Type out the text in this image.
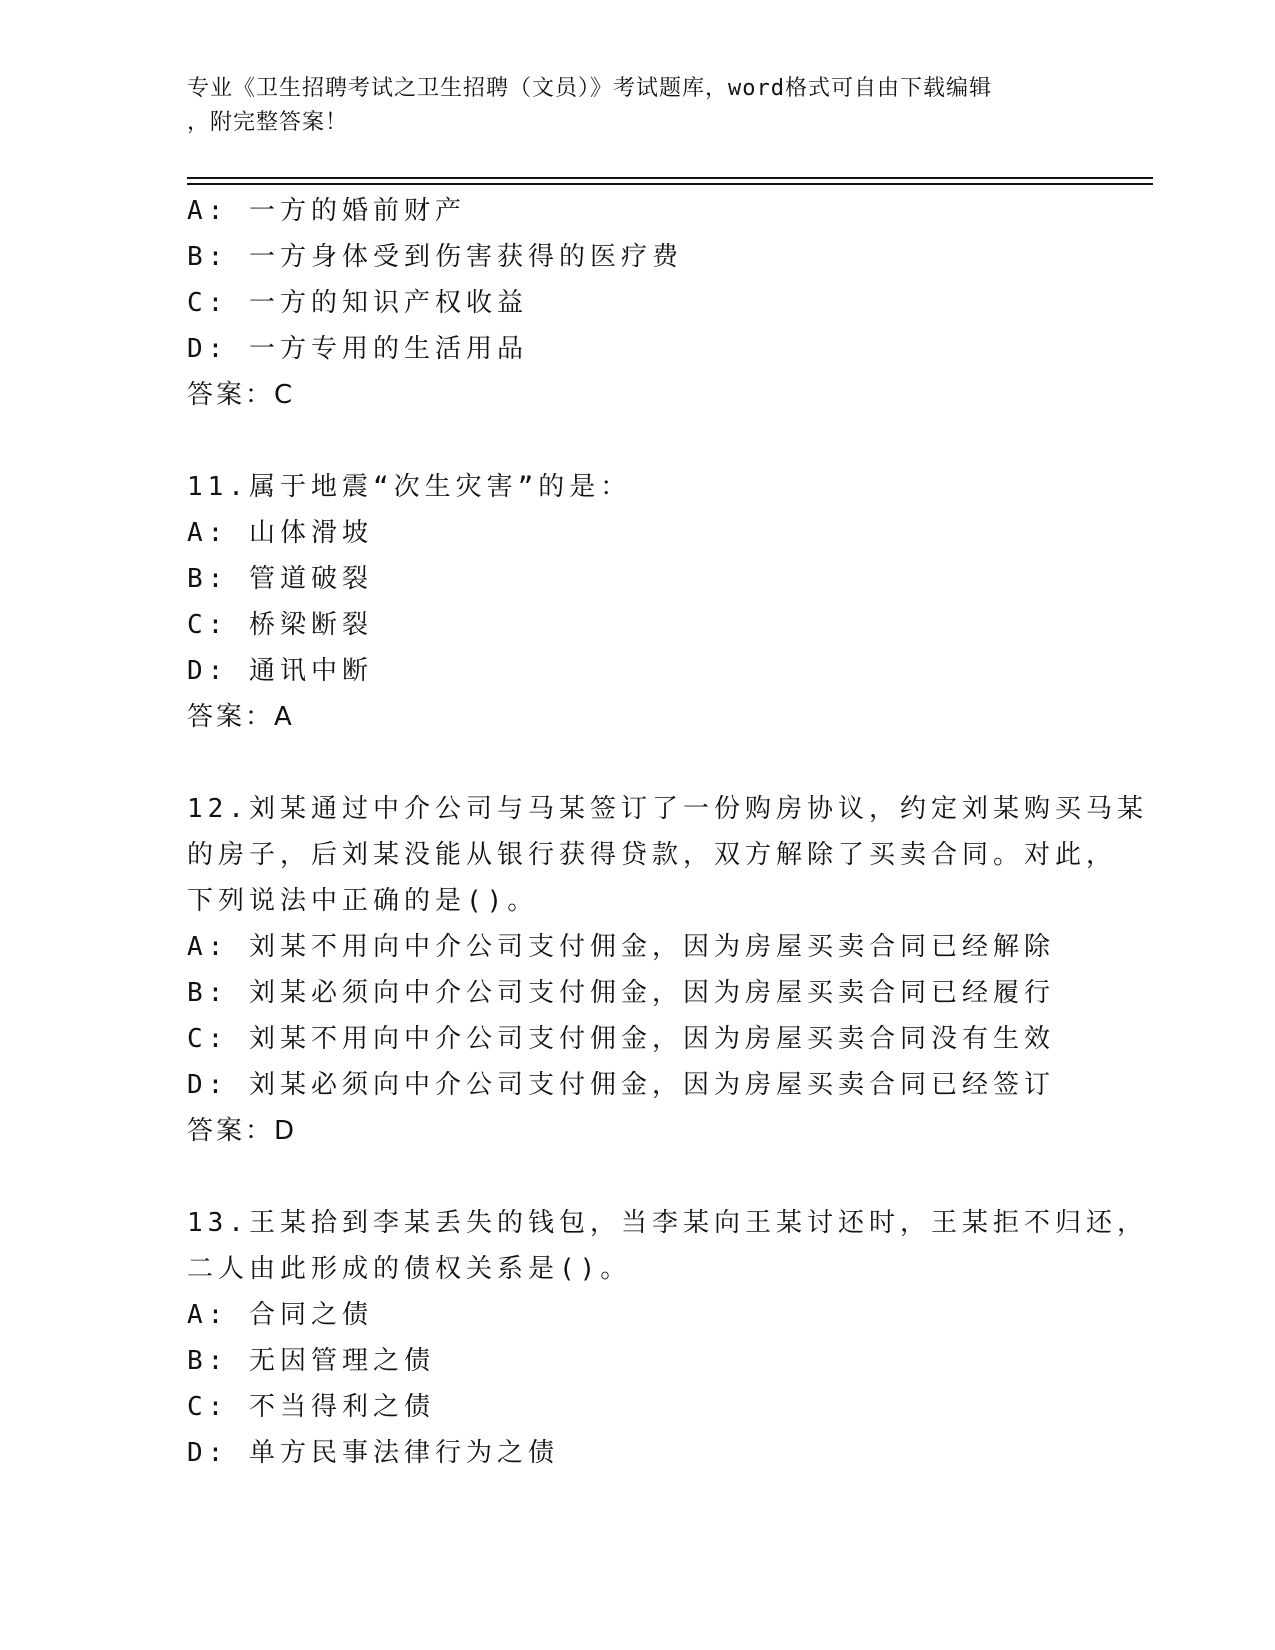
专业《卫生招聘考试之卫生招聘（文员）》考试题库，word格式可自由下载编辑
，附完整答案！
A: 一方的婚前财产
B: 一方身体受到伤害获得的医疗费
C: 一方的知识产权收益
D: 一方专用的生活用品
答案：C
11.属于地震“次生灾害”的是：
A: 山体滑坡
B: 管道破裂
C: 桥梁断裂
D: 通讯中断
答案：A
12.刘某通过中介公司与马某签订了一份购房协议，约定刘某购买马某
的房子，后刘某没能从银行获得贷款，双方解除了买卖合同。对此，
下列说法中正确的是()。
A: 刘某不用向中介公司支付佣金，因为房屋买卖合同已经解除
B: 刘某必须向中介公司支付佣金，因为房屋买卖合同已经履行
C: 刘某不用向中介公司支付佣金，因为房屋买卖合同没有生效
D: 刘某必须向中介公司支付佣金，因为房屋买卖合同已经签订
答案：D
13.王某拾到李某丢失的钱包，当李某向王某讨还时，王某拒不归还，
二人由此形成的债权关系是()。
A: 合同之债
B: 无因管理之债
C: 不当得利之债
D: 单方民事法律行为之债
